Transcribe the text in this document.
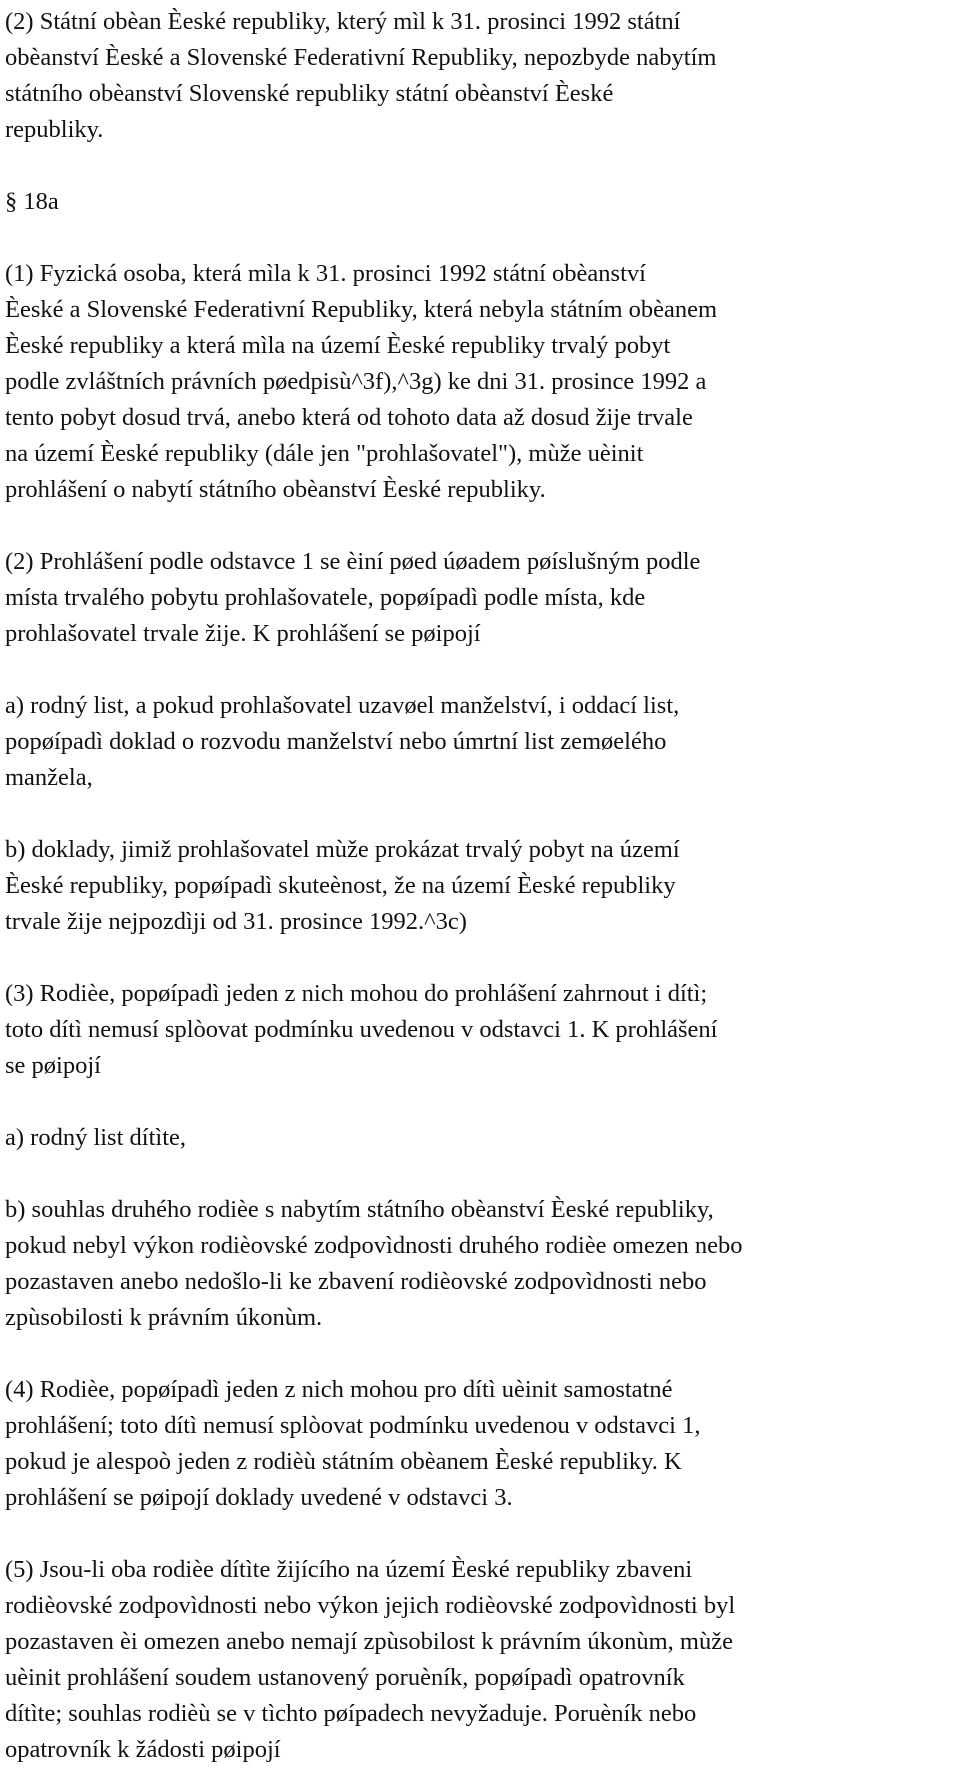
(2) Státní obèan Èeské republiky, který mìl k 31. prosinci 1992 státní
obèanství Èeské a Slovenské Federativní Republiky, nepozbyde nabytím
státního obèanství Slovenské republiky státní obèanství Èeské
republiky.
§ 18a
(1) Fyzická osoba, která mìla k 31. prosinci 1992 státní obèanství
Èeské a Slovenské Federativní Republiky, která nebyla státním obèanem
Èeské republiky a která mìla na území Èeské republiky trvalý pobyt
podle zvláštních právních pøedpisù^3f),^3g) ke dni 31. prosince 1992 a
tento pobyt dosud trvá, anebo která od tohoto data až dosud žije trvale
na území Èeské republiky (dále jen "prohlašovatel"), mùže uèinit
prohlášení o nabytí státního obèanství Èeské republiky.
(2) Prohlášení podle odstavce 1 se èiní pøed úøadem pøíslušným podle
místa trvalého pobytu prohlašovatele, popøípadì podle místa, kde
prohlašovatel trvale žije. K prohlášení se pøipojí
a) rodný list, a pokud prohlašovatel uzavøel manželství, i oddací list,
popøípadì doklad o rozvodu manželství nebo úmrtní list zemøelého
manžela,
b) doklady, jimiž prohlašovatel mùže prokázat trvalý pobyt na území
Èeské republiky, popøípadì skuteènost, že na území Èeské republiky
trvale žije nejpozdìji od 31. prosince 1992.^3c)
(3) Rodièe, popøípadì jeden z nich mohou do prohlášení zahrnout i dítì;
toto dítì nemusí splòovat podmínku uvedenou v odstavci 1. K prohlášení
se pøipojí
a) rodný list dítìte,
b) souhlas druhého rodièe s nabytím státního obèanství Èeské republiky,
pokud nebyl výkon rodièovské zodpovìdnosti druhého rodièe omezen nebo
pozastaven anebo nedošlo-li ke zbavení rodièovské zodpovìdnosti nebo
zpùsobilosti k právním úkonùm.
(4) Rodièe, popøípadì jeden z nich mohou pro dítì uèinit samostatné
prohlášení; toto dítì nemusí splòovat podmínku uvedenou v odstavci 1,
pokud je alespoò jeden z rodièù státním obèanem Èeské republiky. K
prohlášení se pøipojí doklady uvedené v odstavci 3.
(5) Jsou-li oba rodièe dítìte žijícího na území Èeské republiky zbaveni
rodièovské zodpovìdnosti nebo výkon jejich rodièovské zodpovìdnosti byl
pozastaven èi omezen anebo nemají zpùsobilost k právním úkonùm, mùže
uèinit prohlášení soudem ustanovený poruèník, popøípadì opatrovník
dítìte; souhlas rodièù se v tìchto pøípadech nevyžaduje. Poruèník nebo
opatrovník k žádosti pøipojí
